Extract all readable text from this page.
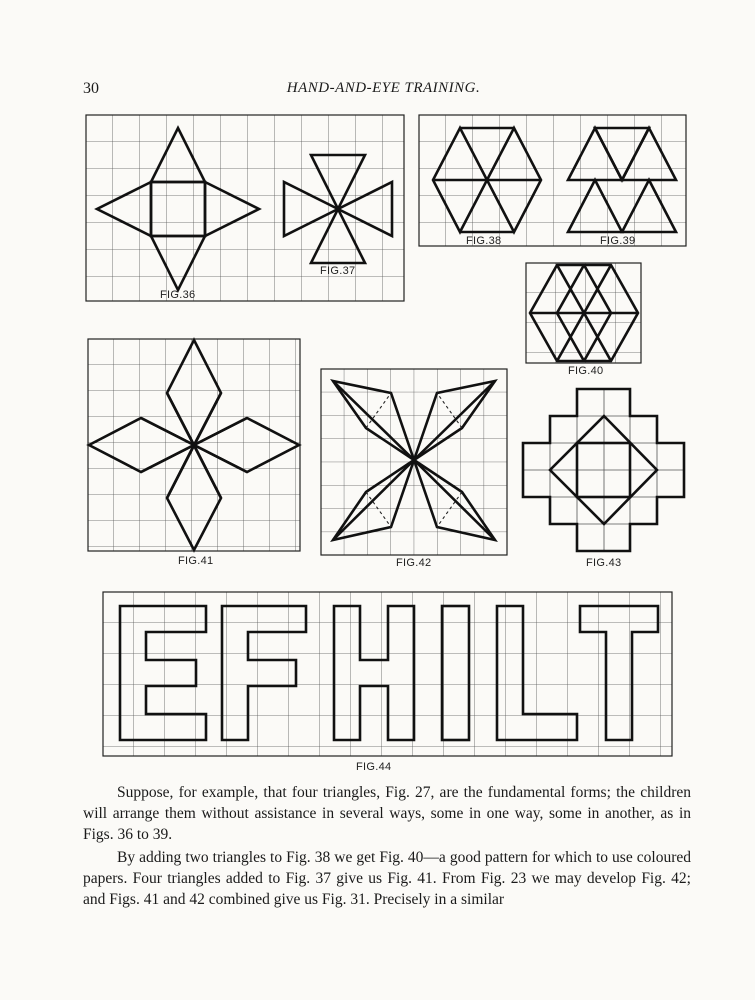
30	HAND-AND-EYE TRAINING.
FIG.36
FIG.37
FIG.38	FIG.39
FIG.40
FIG.41	FIG.42	FIG.43
FIG.44

Suppose, for example, that four triangles, Fig. 27, are the fundamental forms; the children will arrange them without assistance in several ways, some in one way, some in another, as in Figs. 36 to 39.

By adding two triangles to Fig. 38 we get Fig. 40—a good pattern for which to use coloured papers. Four triangles added to Fig. 37 give us Fig. 41. From Fig. 23 we may develop Fig. 42; and Figs. 41 and 42 combined give us Fig. 31. Precisely in a similar
